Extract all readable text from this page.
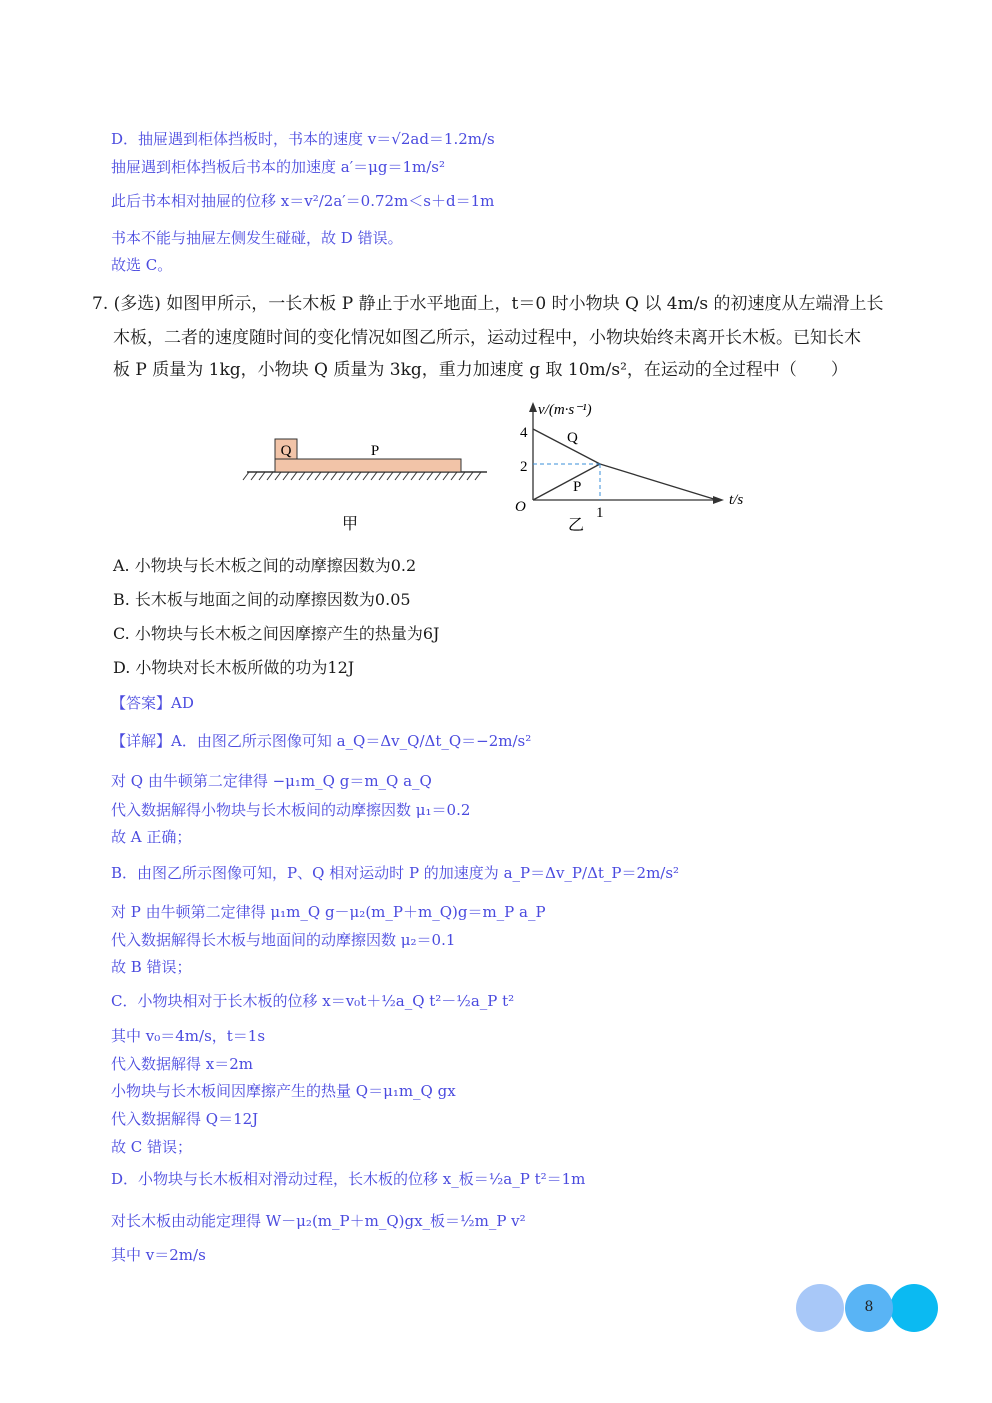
D．抽屉遇到柜体挡板时，书本的速度 v＝√2ad＝1.2m/s
抽屉遇到柜体挡板后书本的加速度 a′＝μg＝1m/s²
此后书本相对抽屉的位移 x＝v²/2a′＝0.72m＜s＋d＝1m
书本不能与抽屉左侧发生碰碰，故 D 错误。
故选 C。
7. (多选) 如图甲所示，一长木板 P 静止于水平地面上，t＝0 时小物块 Q 以 4m/s 的初速度从左端滑上长
木板，二者的速度随时间的变化情况如图乙所示，运动过程中，小物块始终未离开长木板。已知长木
板 P 质量为 1kg，小物块 Q 质量为 3kg，重力加速度 g 取 10m/s²，在运动的全过程中（　　）
Q	P
甲
v/(m·s⁻¹)
t/s
O
4
2
1
Q
P
乙
A. 小物块与长木板之间的动摩擦因数为0.2
B. 长木板与地面之间的动摩擦因数为0.05
C. 小物块与长木板之间因摩擦产生的热量为6J
D. 小物块对长木板所做的功为12J
【答案】AD
【详解】A．由图乙所示图像可知 a_Q＝Δv_Q/Δt_Q＝−2m/s²
对 Q 由牛顿第二定律得 −μ₁m_Q g＝m_Q a_Q
代入数据解得小物块与长木板间的动摩擦因数 μ₁＝0.2
故 A 正确；
B．由图乙所示图像可知，P、Q 相对运动时 P 的加速度为 a_P＝Δv_P/Δt_P＝2m/s²
对 P 由牛顿第二定律得 μ₁m_Q g－μ₂(m_P＋m_Q)g＝m_P a_P
代入数据解得长木板与地面间的动摩擦因数 μ₂＝0.1
故 B 错误；
C．小物块相对于长木板的位移 x＝v₀t＋½a_Q t²－½a_P t²
其中 v₀＝4m/s，t＝1s
代入数据解得 x＝2m
小物块与长木板间因摩擦产生的热量 Q＝μ₁m_Q gx
代入数据解得 Q＝12J
故 C 错误；
D．小物块与长木板相对滑动过程，长木板的位移 x_板＝½a_P t²＝1m
对长木板由动能定理得 W－μ₂(m_P＋m_Q)gx_板＝½m_P v²
其中 v＝2m/s
8
